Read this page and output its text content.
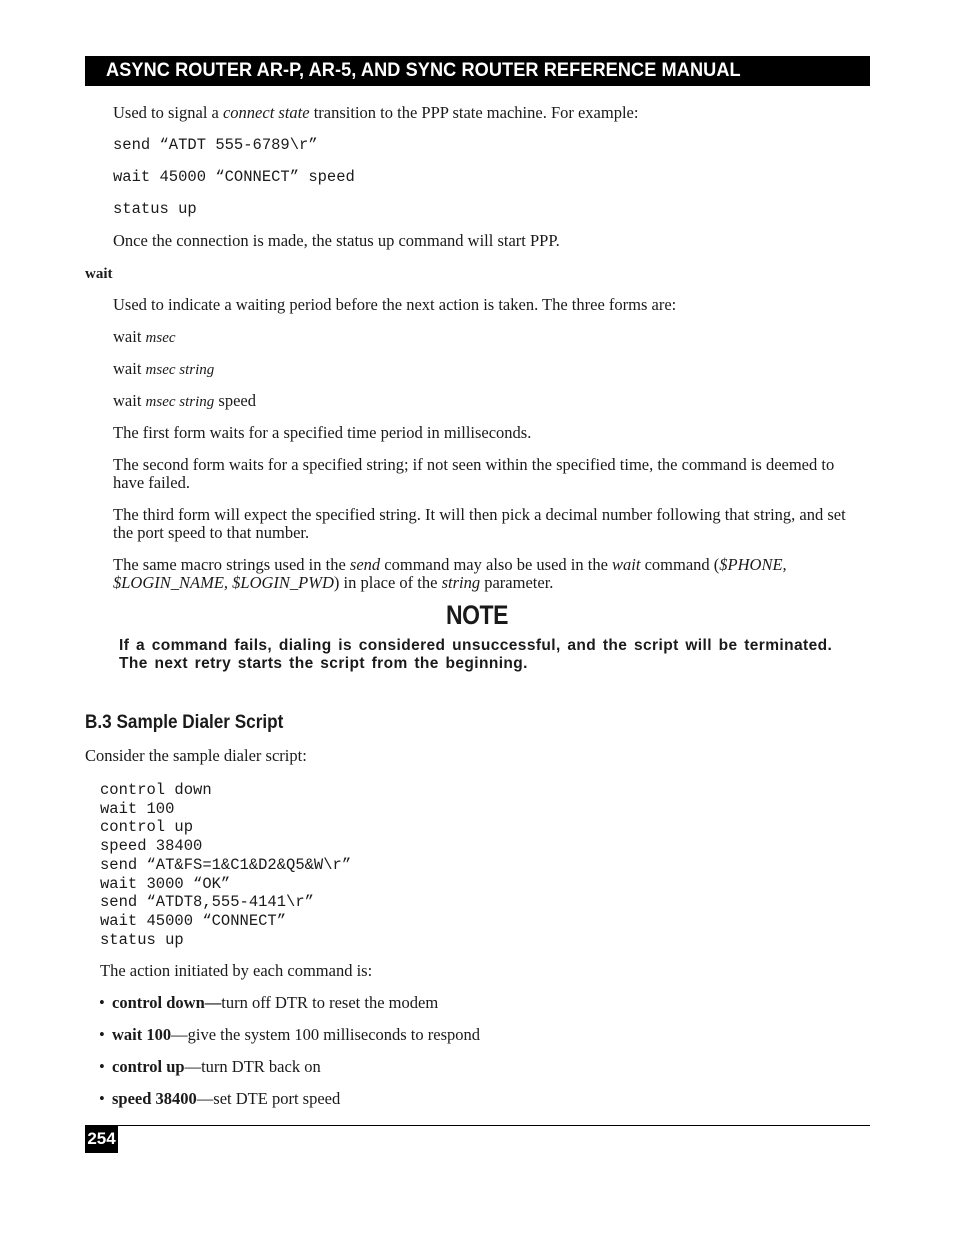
ASYNC ROUTER AR-P, AR-5, AND SYNC ROUTER REFERENCE MANUAL
Used to signal a connect state transition to the PPP state machine. For example:
send “ATDT 555-6789\r”
wait 45000 “CONNECT” speed
status up
Once the connection is made, the status up command will start PPP.
wait
Used to indicate a waiting period before the next action is taken. The three forms are:
wait msec
wait msec string
wait msec string speed
The first form waits for a specified time period in milliseconds.
The second form waits for a specified string; if not seen within the specified time, the command is deemed to have failed.
The third form will expect the specified string. It will then pick a decimal number following that string, and set the port speed to that number.
The same macro strings used in the send command may also be used in the wait command ($PHONE,
$LOGIN_NAME, $LOGIN_PWD) in place of the string parameter.
NOTE
If a command fails, dialing is considered unsuccessful, and the script will be terminated. The next retry starts the script from the beginning.
B.3 Sample Dialer Script
Consider the sample dialer script:
control down
wait 100
control up
speed 38400
send “AT&FS=1&C1&D2&Q5&W\r”
wait 3000 “OK”
send “ATDT8,555-4141\r”
wait 45000 “CONNECT”
status up
The action initiated by each command is:
• control down—turn off DTR to reset the modem
• wait 100—give the system 100 milliseconds to respond
• control up—turn DTR back on
• speed 38400—set DTE port speed
254
